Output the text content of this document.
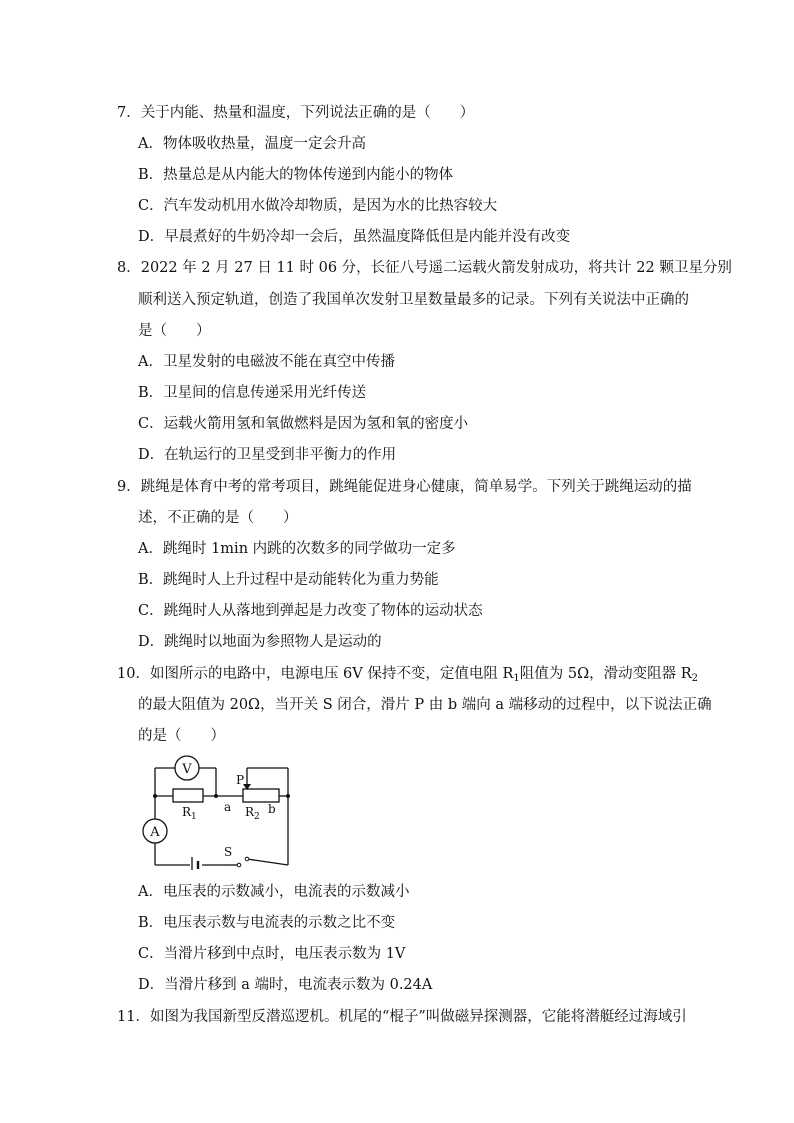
7．关于内能、热量和温度，下列说法正确的是（　　）
A．物体吸收热量，温度一定会升高
B．热量总是从内能大的物体传递到内能小的物体
C．汽车发动机用水做冷却物质，是因为水的比热容较大
D．早晨煮好的牛奶冷却一会后，虽然温度降低但是内能并没有改变
8．2022 年 2 月 27 日 11 时 06 分，长征八号遥二运载火箭发射成功，将共计 22 颗卫星分别
顺利送入预定轨道，创造了我国单次发射卫星数量最多的记录。下列有关说法中正确的
是（　　）
A．卫星发射的电磁波不能在真空中传播
B．卫星间的信息传递采用光纤传送
C．运载火箭用氢和氧做燃料是因为氢和氧的密度小
D．在轨运行的卫星受到非平衡力的作用
9．跳绳是体育中考的常考项目，跳绳能促进身心健康，简单易学。下列关于跳绳运动的描
述，不正确的是（　　）
A．跳绳时 1min 内跳的次数多的同学做功一定多
B．跳绳时人上升过程中是动能转化为重力势能
C．跳绳时人从落地到弹起是力改变了物体的运动状态
D．跳绳时以地面为参照物人是运动的
10．如图所示的电路中，电源电压 6V 保持不变，定值电阻 $R_1$阻值为 5Ω，滑动变阻器 $R_2$
的最大阻值为 20Ω，当开关 S 闭合，滑片 P 由 b 端向 a 端移动的过程中，以下说法正确
的是（　　）
V
A
P
$R_1$	$R_2$
a	b
S
A．电压表的示数减小，电流表的示数减小
B．电压表示数与电流表的示数之比不变
C．当滑片移到中点时，电压表示数为 1V
D．当滑片移到 a 端时，电流表示数为 0.24A
11．如图为我国新型反潜巡逻机。机尾的“棍子”叫做磁异探测器，它能将潜艇经过海域引
